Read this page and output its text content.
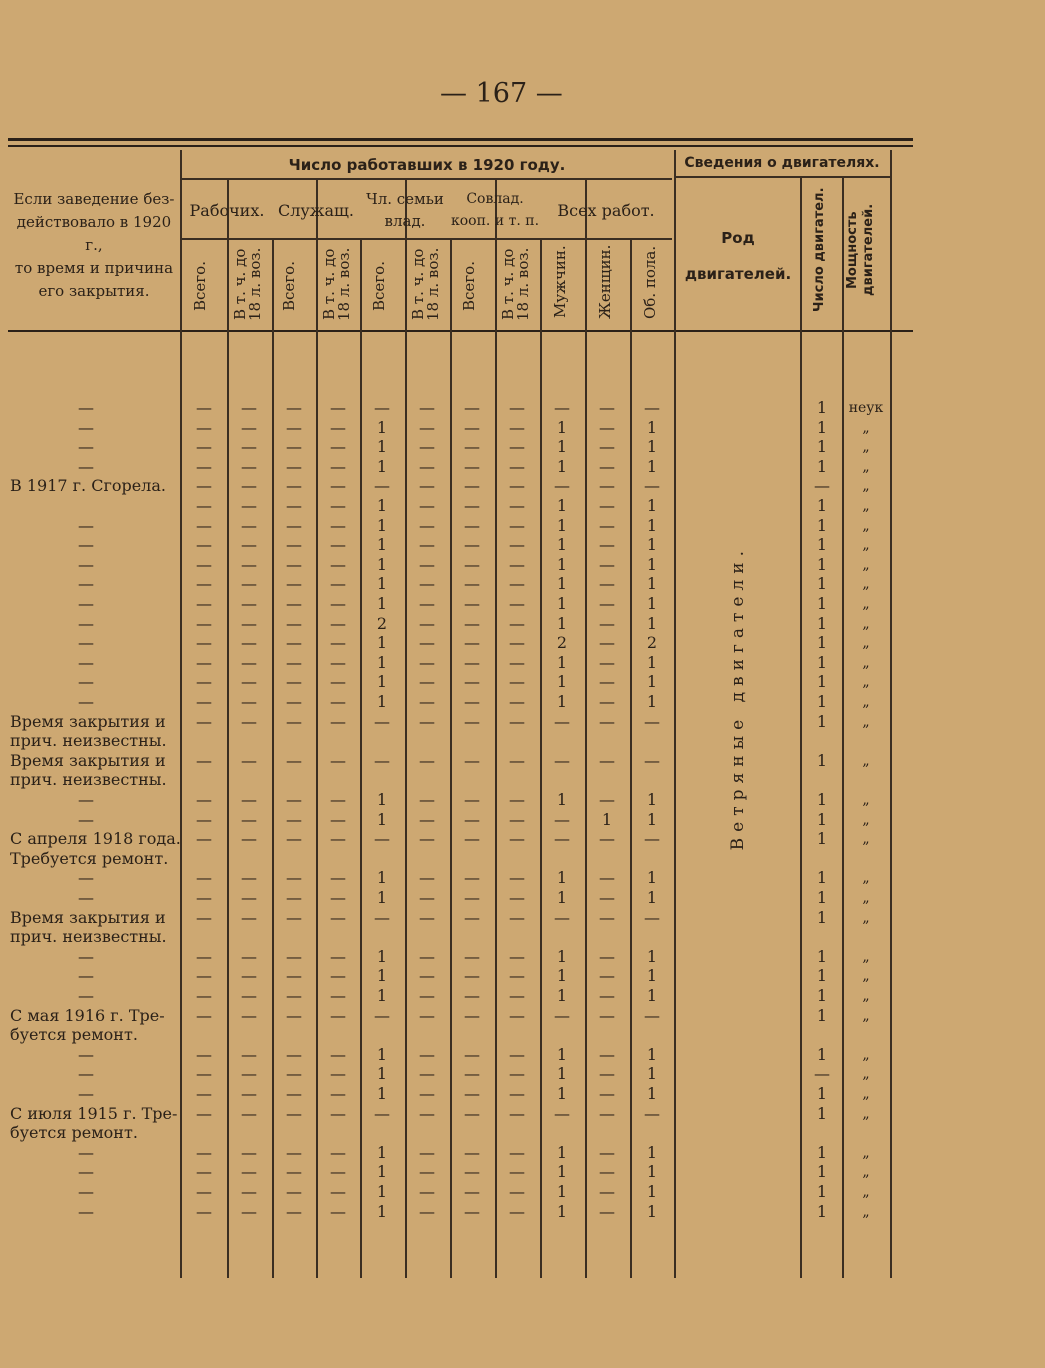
— 167 —
Если заведение без-
действовало в 1920 г.,
то время и причина
его закрытия.
Число работавших в 1920 году.
Рабочих. Служащ.
Чл. семьи влад.
Совлад. кооп. и т. п.
Всех работ.
Всего. В т. ч. до 18 л. воз. Всего. В т. ч. до 18 л. воз. Всего. В т. ч. до 18 л. воз. Всего. В т. ч. до 18 л. воз. Мужчин. Женщин. Об. пола.
Сведения о двигателях.
Род двигателей.	Число двигател. Мощность двигателей.
Ветряные двигатели.
—	—	—	—	—	—	—	—	—	—	—	—	1	неук
—	—	—	—	—	1	—	—	—	1	—	1	1	„
—	—	—	—	—	1	—	—	—	1	—	1	1	„
—	—	—	—	—	1	—	—	—	1	—	1	1	„
В 1917 г. Сгорела.	—	—	—	—	—	—	—	—	—	—	—	—	„
—	—	—	—	1	—	—	—	1	—	1	1	„
—	—	—	—	—	1	—	—	—	1	—	1	1	„
—	—	—	—	—	1	—	—	—	1	—	1	1	„
—	—	—	—	—	1	—	—	—	1	—	1	1	„
—	—	—	—	—	1	—	—	—	1	—	1	1	„
—	—	—	—	—	1	—	—	—	1	—	1	1	„
—	—	—	—	—	2	—	—	—	1	—	1	1	„
—	—	—	—	—	1	—	—	—	2	—	2	1	„
—	—	—	—	—	1	—	—	—	1	—	1	1	„
—	—	—	—	—	1	—	—	—	1	—	1	1	„
—	—	—	—	—	1	—	—	—	1	—	1	1	„
Время закрытия и	—	—	—	—	—	—	—	—	—	—	—	1	„
прич. неизвестны.
Время закрытия и	—	—	—	—	—	—	—	—	—	—	—	1	„
прич. неизвестны.
—	—	—	—	—	1	—	—	—	1	—	1	1	„
—	—	—	—	—	1	—	—	—	—	1	1	1	„
С апреля 1918 года. —	—	—	—	—	—	—	—	—	—	—	1	„
Требуется ремонт.
—	—	—	—	—	1	—	—	—	1	—	1	1	„
—	—	—	—	—	1	—	—	—	1	—	1	1	„
Время закрытия и	—	—	—	—	—	—	—	—	—	—	—	1	„
прич. неизвестны.
—	—	—	—	—	1	—	—	—	1	—	1	1	„
—	—	—	—	—	1	—	—	—	1	—	1	1	„
—	—	—	—	—	1	—	—	—	1	—	1	1	„
С мая 1916 г. Тре-	—	—	—	—	—	—	—	—	—	—	—	1	„
буется ремонт.
—	—	—	—	—	1	—	—	—	1	—	1	1	„
—	—	—	—	—	1	—	—	—	1	—	1	—	„
—	—	—	—	—	1	—	—	—	1	—	1	1	„
С июля 1915 г. Тре-	—	—	—	—	—	—	—	—	—	—	—	1	„
буется ремонт.
—	—	—	—	—	1	—	—	—	1	—	1	1	„
—	—	—	—	—	1	—	—	—	1	—	1	1	„
—	—	—	—	—	1	—	—	—	1	—	1	1	„
—	—	—	—	—	1	—	—	—	1	—	1	1	„
